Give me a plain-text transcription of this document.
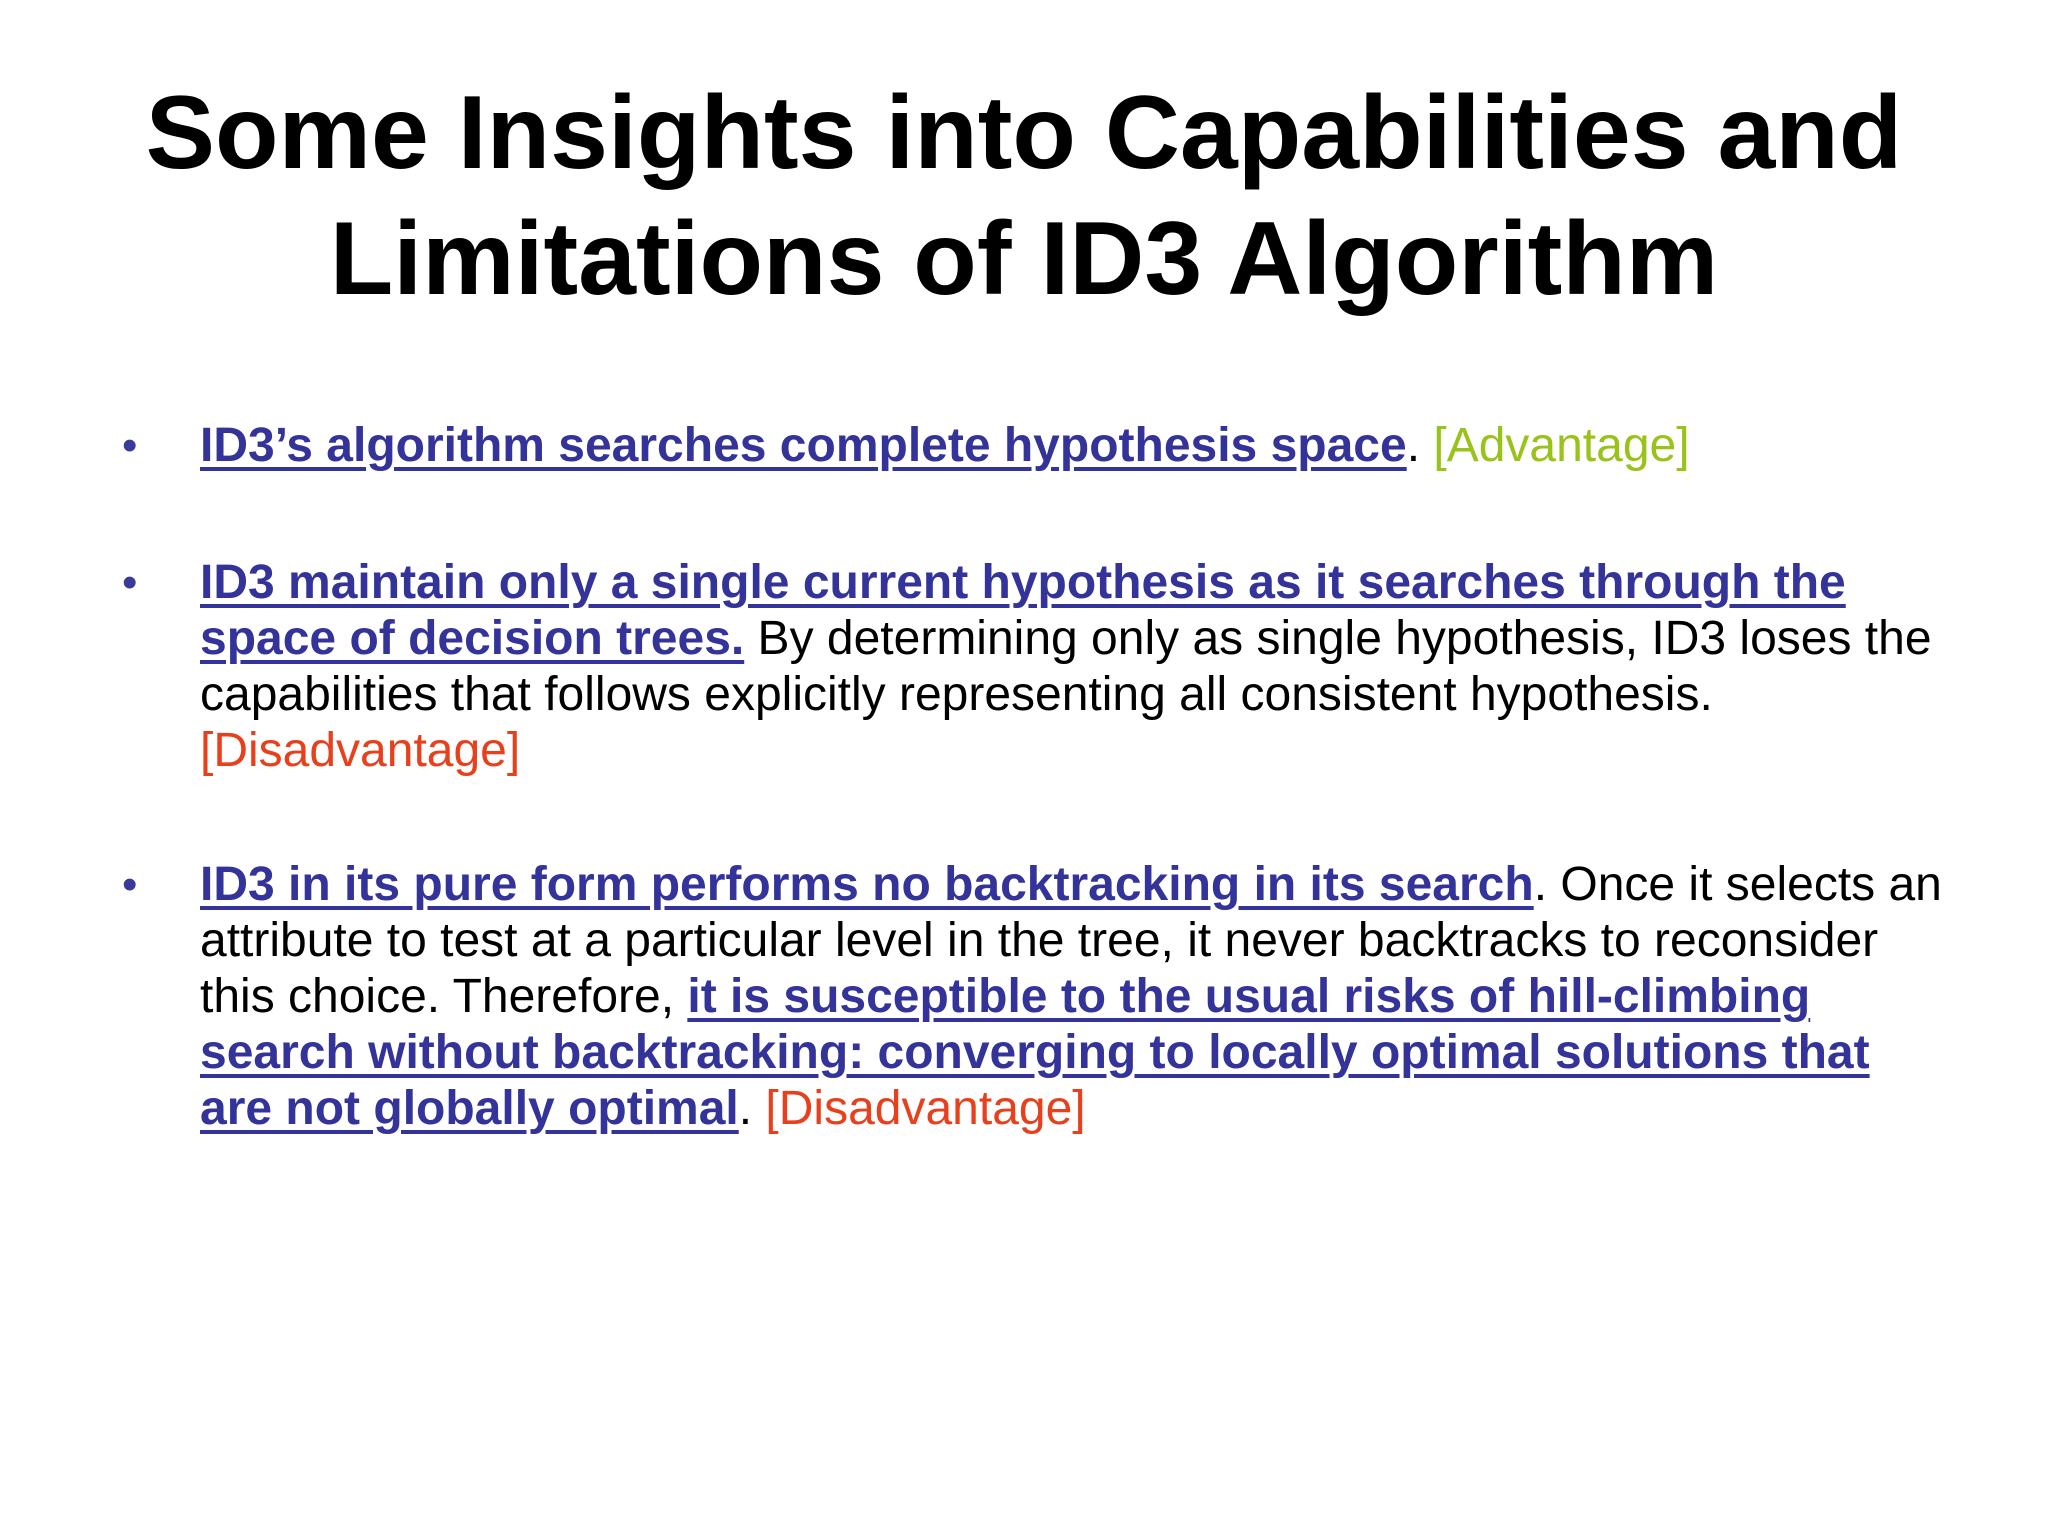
Some Insights into Capabilities and
Limitations of ID3 Algorithm
• ID3’s algorithm searches complete hypothesis space. [Advantage]
• ID3 maintain only a single current hypothesis as it searches through the space of decision trees. By determining only as single hypothesis, ID3 loses the capabilities that follows explicitly representing all consistent hypothesis. [Disadvantage]
• ID3 in its pure form performs no backtracking in its search. Once it selects an attribute to test at a particular level in the tree, it never backtracks to reconsider this choice. Therefore, it is susceptible to the usual risks of hill-climbing search without backtracking: converging to locally optimal solutions that are not globally optimal. [Disadvantage]
